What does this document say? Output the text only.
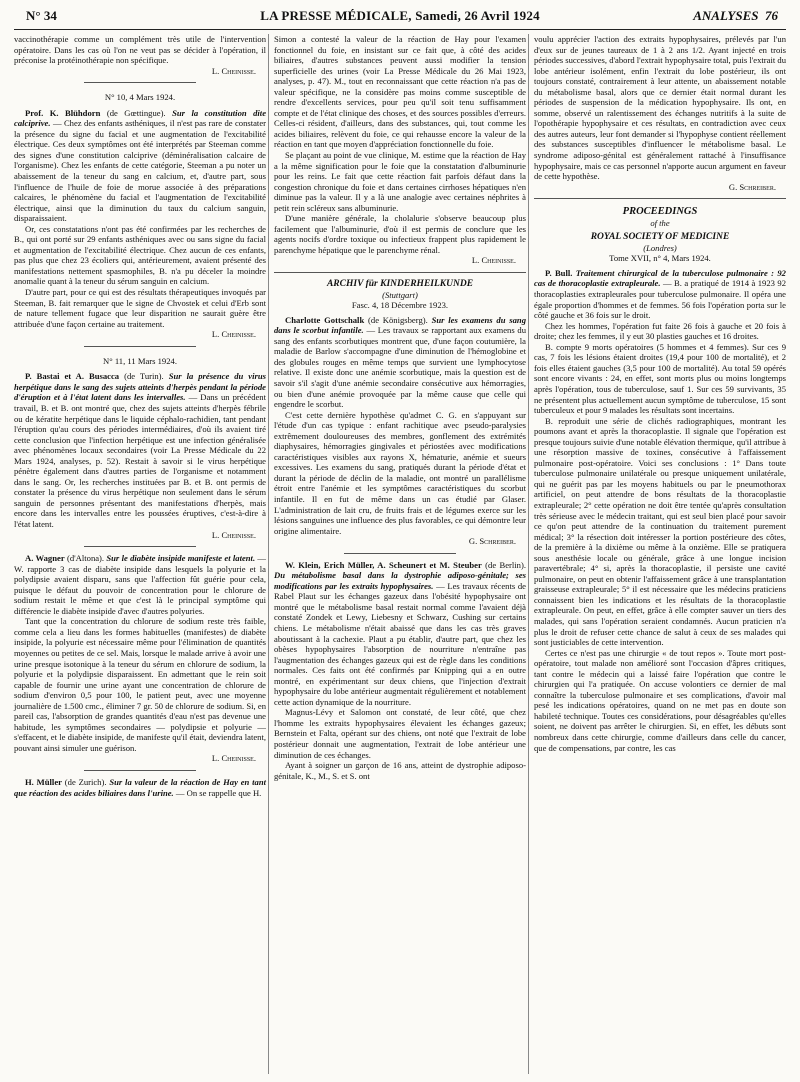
N° 34	LA PRESSE MÉDICALE, Samedi, 26 Avril 1924	ANALYSES 76

vaccinothérapie comme un complément très utile de l'intervention opératoire. Dans les cas où l'on ne veut pas se décider à l'opération, il préconise la protéinothérapie non spécifique.

L. Cheinisse.

N° 10, 4 Mars 1924.

Prof. K. Blühdorn (de Gœttingue). Sur la constitution dite calciprive. — Chez des enfants asthéniques, il n'est pas rare de constater la présence du signe du facial et une augmentation de l'excitabilité électrique. Ces deux symptômes ont été interprétés par Steeman comme des signes d'une constitution calciprive (déminéralisation calcaire de l'organisme). Chez les enfants de cette catégorie, Steeman a pu noter un abaissement de la teneur du sang en calcium, et, d'autre part, sous l'influence de l'huile de foie de morue associée à des préparations calcaires, le phénomène du facial et l'augmentation de l'excitabilité électrique, ainsi que la diminution du taux du calcium sanguin, disparaissaient.

Or, ces constatations n'ont pas été confirmées par les recherches de B., qui ont porté sur 29 enfants asthéniques avec ou sans signe du facial et augmentation de l'excitabilité électrique. Chez aucun de ces enfants, pas plus que chez 23 écoliers qui, antérieurement, avaient présenté des manifestations nettement spasmophiles, B. n'a pu déceler la moindre anomalie quant à la teneur du sérum sanguin en calcium.

D'autre part, pour ce qui est des résultats thérapeutiques invoqués par Steeman, B. fait remarquer que le signe de Chvostek et celui d'Erb sont de nature tellement fugace que leur disparition ne saurait guère être attribuée d'une façon certaine au traitement.

L. Cheinisse.

N° 11, 11 Mars 1924.

P. Bastai et A. Busacca (de Turin). Sur la présence du virus herpétique dans le sang des sujets atteints d'herpès pendant la période d'éruption et à l'état latent dans les intervalles. — Dans un précédent travail, B. et B. ont montré que, chez des sujets atteints d'herpès fébrile ou de kératite herpétique dans le liquide céphalo-rachidien, tant pendant l'éruption qu'au cours des périodes intermédiaires, d'où ils avaient tiré cette conclusion que l'infection herpétique est une infection généralisée avec phénomènes locaux secondaires (voir La Presse Médicale du 22 Mars 1924, analyses, p. 52). Restait à savoir si le virus herpétique pénètre également dans d'autres parties de l'organisme et notamment dans le sang. Or, les recherches instituées par B. et B. ont permis de constater la présence du virus herpétique non seulement dans le sérum sanguin de personnes présentant des manifestations d'herpès, mais encore dans les intervalles entre les poussées éruptives, c'est-à-dire à l'état latent.

L. Cheinisse.

A. Wagner (d'Altona). Sur le diabète insipide manifeste et latent. — W. rapporte 3 cas de diabète insipide dans lesquels la polyurie et la polydipsie avaient disparu, sans que l'affection fût guérie pour cela, puisque le défaut du pouvoir de concentration pour le chlorure de sodium restait le même et que c'est là le principal symptôme qui différencie le diabète insipide d'avec d'autres polyuries.

Tant que la concentration du chlorure de sodium reste très faible, comme cela a lieu dans les formes habituelles (manifestes) de diabète insipide, la polyurie est nécessaire même pour l'élimination de quantités moyennes ou petites de ce sel. Mais, lorsque le malade arrive à avoir une urine presque isotonique à la teneur du sérum en chlorure de sodium, la polyurie et la polydipsie disparaissent. En admettant que le rein soit capable de fournir une urine ayant une concentration de chlorure de sodium d'environ 0,5 pour 100, le patient peut, avec une moyenne journalière de 1.500 cmc., éliminer 7 gr. 50 de chlorure de sodium. Si, en pareil cas, l'absorption de grandes quantités d'eau n'est pas devenue une habitude, les symptômes secondaires — polydipsie et polyurie — s'effacent, et le diabète insipide, de manifeste qu'il était, deviendra latent, pouvant ainsi simuler une guérison.

L. Cheinisse.

H. Müller (de Zurich). Sur la valeur de la réaction de Hay en tant que réaction des acides biliaires dans l'urine. — On se rappelle que H.

Simon a contesté la valeur de la réaction de Hay pour l'examen fonctionnel du foie, en insistant sur ce fait que, à côté des acides biliaires, d'autres substances peuvent aussi modifier la tension superficielle des urines (voir La Presse Médicale du 26 Mai 1923, analyses, p. 47). M., tout en reconnaissant que cette réaction n'a pas de valeur spécifique, ne la considère pas moins comme susceptible de rendre d'excellents services, pour peu qu'il soit tenu suffisamment compte et de l'état clinique des choses, et des sources possibles d'erreurs. Celles-ci résident, d'ailleurs, dans des substances, qui, tout comme les acides biliaires, relèvent du foie, ce qui rehausse encore la valeur de la réaction en tant que moyen d'appréciation fonctionnelle du foie.

Se plaçant au point de vue clinique, M. estime que la réaction de Hay a la même signification pour le foie que la constatation d'albuminurie pour les reins. Le fait que cette réaction fait parfois défaut dans la congestion chronique du foie et dans certaines cirrhoses hépatiques n'en diminue pas la valeur. Il y a là une analogie avec certaines néphrites à petit rein scléreux sans albuminurie.

D'une manière générale, la cholalurie s'observe beaucoup plus facilement que l'albuminurie, d'où il est permis de conclure que les agents nocifs d'ordre toxique ou infectieux frappent plus rapidement le parenchyme hépatique que le parenchyme rénal.

L. Cheinisse.

ARCHIV für KINDERHEILKUNDE

(Stuttgart)

Fasc. 4, 18 Décembre 1923.

Charlotte Gottschalk (de Königsberg). Sur les examens du sang dans le scorbut infantile. — Les travaux se rapportant aux examens du sang des enfants scorbutiques montrent que, d'une façon coutumière, la maladie de Barlow s'accompagne d'une diminution de l'hémoglobine et des globules rouges en même temps que survient une lymphocytose relative. Il existe donc une anémie scorbutique, mais la question est de savoir s'il s'agit d'une anémie secondaire consécutive aux hémorragies, ou bien d'une anémie provoquée par la même cause que celle qui engendre le scorbut.

C'est cette dernière hypothèse qu'admet C. G. en s'appuyant sur l'étude d'un cas typique : enfant rachitique avec pseudo-paralysies extrêmement douloureuses des membres, gonflement des extrémités diaphysaires, hémorragies gingivales et périostées avec modifications caractéristiques visibles aux rayons X, hématurie, anémie et sueurs excessives. Les examens du sang, pratiqués durant la période d'état et durant la période de déclin de la maladie, ont montré un parallélisme étroit entre l'anémie et les symptômes caractéristiques du scorbut infantile. Il en fut de même dans un cas étudié par Glaser. L'administration de lait cru, de fruits frais et de légumes exerce sur les lésions sanguines une influence des plus favorables, ce qui démontre leur origine alimentaire.

G. Schreiber.

W. Klein, Erich Müller, A. Scheunert et M. Steuber (de Berlin). Du métabolisme basal dans la dystrophie adiposo-génitale; ses modifications par les extraits hypophysaires. — Les travaux récents de Rabel Plaut sur les échanges gazeux dans l'obésité hypophysaire ont montré que le métabolisme basal restait normal comme l'avaient déjà constaté Zondek et Lewy, Liebesny et Schwarz, Cushing sur certains chiens. Le métabolisme n'était abaissé que dans les cas très graves aboutissant à la cachexie. Plaut a pu établir, d'autre part, que chez les obèses hypophysaires l'absorption de nourriture n'entraîne pas l'augmentation des échanges gazeux qui est de règle dans les conditions normales. Ces faits ont été confirmés par Knipping qui a en outre montré, en expérimentant sur deux chiens, que l'injection d'extrait hypophysaire du lobe antérieur augmentait régulièrement et notablement cette action dynamique de la nourriture.

Magnus-Lévy et Salomon ont constaté, de leur côté, que chez l'homme les extraits hypophysaires élevaient les échanges gazeux; Bernstein et Falta, opérant sur des chiens, ont noté que l'extrait de lobe postérieur donnait une augmentation, l'extrait de lobe antérieur une diminution de ces échanges.

Ayant à soigner un garçon de 16 ans, atteint de dystrophie adiposo-génitale, K., M., S. et S. ont

voulu apprécier l'action des extraits hypophysaires, prélevés par l'un d'eux sur de jeunes taureaux de 1 à 2 ans 1/2. Ayant injecté en trois périodes successives, d'abord l'extrait hypophysaire total, puis l'extrait du lobe antérieur isolément, enfin l'extrait du lobe postérieur, ils ont toujours constaté, contrairement à leur attente, un abaissement notable du métabolisme basal, alors que ce dernier était normal durant les périodes de suspension de la médication hypophysaire. Ils ont, en somme, observé un ralentissement des échanges nutritifs à la suite de l'opothérapie hypophysaire et ces résultats, en contradiction avec ceux des autres auteurs, leur font demander si l'hypophyse contient réellement des substances susceptibles d'influencer le métabolisme basal. Le syndrome adiposo-génital est généralement rattaché à l'insuffisance hypophysaire, mais ce cas personnel n'apporte aucun argument en faveur de cette hypothèse.

G. Schreiber.

PROCEEDINGS

of the

ROYAL SOCIETY OF MEDICINE

(Londres)

Tome XVII, n° 4, Mars 1924.

P. Bull. Traitement chirurgical de la tuberculose pulmonaire : 92 cas de thoracoplastie extrapleurale. — B. a pratiqué de 1914 à 1923 92 thoracoplasties extrapleurales pour tuberculose pulmonaire. Il opéra une égale proportion d'hommes et de femmes. 56 fois l'opération porta sur le côté gauche et 36 fois sur le droit.

Chez les hommes, l'opération fut faite 26 fois à gauche et 20 fois à droite; chez les femmes, il y eut 30 plasties gauches et 16 droites.

B. compte 9 morts opératoires (5 hommes et 4 femmes). Sur ces 9 cas, 7 fois les lésions étaient droites (19,4 pour 100 de mortalité), et 2 fois elles étaient gauches (3,5 pour 100 de mortalité). Au total 59 opérés sont encore vivants : 24, en effet, sont morts plus ou moins longtemps après l'opération, tous de tuberculose, sauf 1. Sur ces 59 survivants, 35 ne présentent plus actuellement aucun symptôme de tuberculose, 15 sont tuberculeux et pour 9 malades les résultats sont incertains.

B. reproduit une série de clichés radiographiques, montrant les poumons avant et après la thoracoplastie. Il signale que l'opération est presque toujours suivie d'une notable élévation thermique, qu'il attribue à une résorption massive de toxines, consécutive à l'affaissement pulmonaire post-opératoire. Voici ses conclusions : 1° Dans toute tuberculose pulmonaire unilatérale ou presque uniquement unilatérale, qui ne guérit pas par les moyens habituels ou par le pneumothorax artificiel, on peut attendre de bons résultats de la thoracoplastie extrapleurale; 2° cette opération ne doit être tentée qu'après consultation très sérieuse avec le médecin traitant, qui est seul bien placé pour savoir ce qu'on peut attendre de la continuation du traitement purement médical; 3° la résection doit intéresser la portion postérieure des côtes, de la première à la dixième ou même à la onzième. Elle se pratiquera sous anesthésie locale ou générale, grâce à une longue incision paravertébrale; 4° si, après la thoracoplastie, il persiste une cavité pulmonaire, on peut en obtenir l'affaissement grâce à une transplantation graisseuse extrapleurale; 5° il est nécessaire que les médecins praticiens connaissent bien les indications et les résultats de la thoracoplastie extrapleurale. On peut, en effet, grâce à elle compter sauver un tiers des malades, qui sans l'opération seraient condamnés. Aucun praticien n'a plus le droit de refuser cette chance de salut à ceux de ses malades qui sont justiciables de cette intervention.

Certes ce n'est pas une chirurgie « de tout repos ». Toute mort post-opératoire, tout malade non amélioré sont l'occasion d'âpres critiques, tant contre le médecin qui a laissé faire l'opération que contre le chirurgien qui l'a pratiquée. On accuse volontiers ce dernier de mal connaître la tuberculose pulmonaire et ses complications, d'avoir mal pesé les indications opératoires, quand on ne met pas en doute son habileté technique. Toutes ces considérations, pour désagréables qu'elles soient, ne doivent pas arrêter le chirurgien. Si, en effet, les débuts sont nombreux dans cette chirurgie, comme d'ailleurs dans celle du cancer, que de compensations, par contre, les cas
